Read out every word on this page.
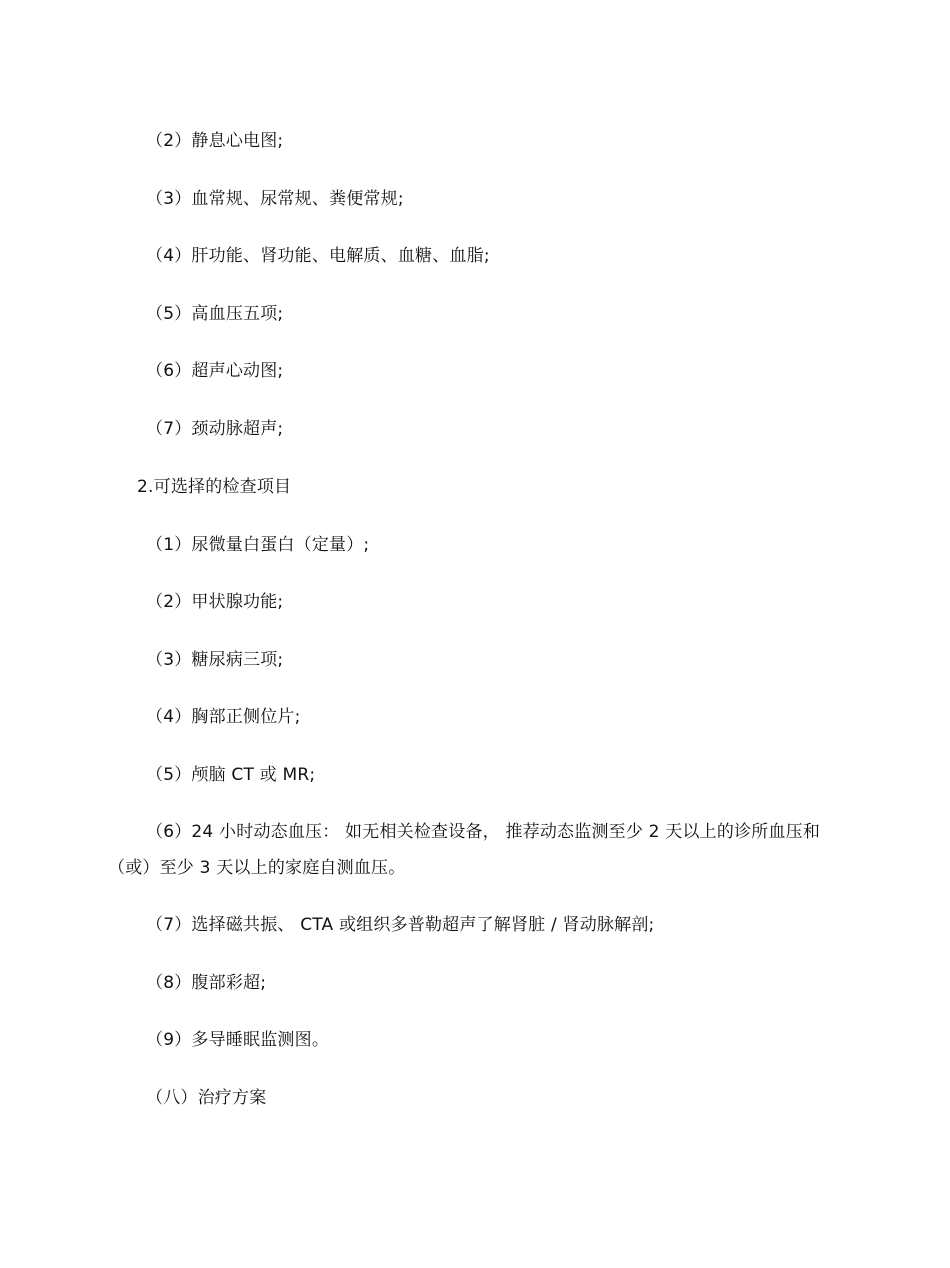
（2）静息心电图;
（3）血常规、尿常规、粪便常规;
（4）肝功能、肾功能、电解质、血糖、血脂;
（5）高血压五项;
（6）超声心动图;
（7）颈动脉超声;
2.可选择的检查项目
（1）尿微量白蛋白（定量）;
（2）甲状腺功能;
（3）糖尿病三项;
（4）胸部正侧位片;
（5）颅脑 CT 或 MR;
（6）24 小时动态血压： 如无相关检查设备， 推荐动态监测至少 2 天以上的诊所血压和
（或）至少 3 天以上的家庭自测血压。
（7）选择磁共振、 CTA 或组织多普勒超声了解肾脏 / 肾动脉解剖;
（8）腹部彩超;
（9）多导睡眠监测图。
（八）治疗方案
